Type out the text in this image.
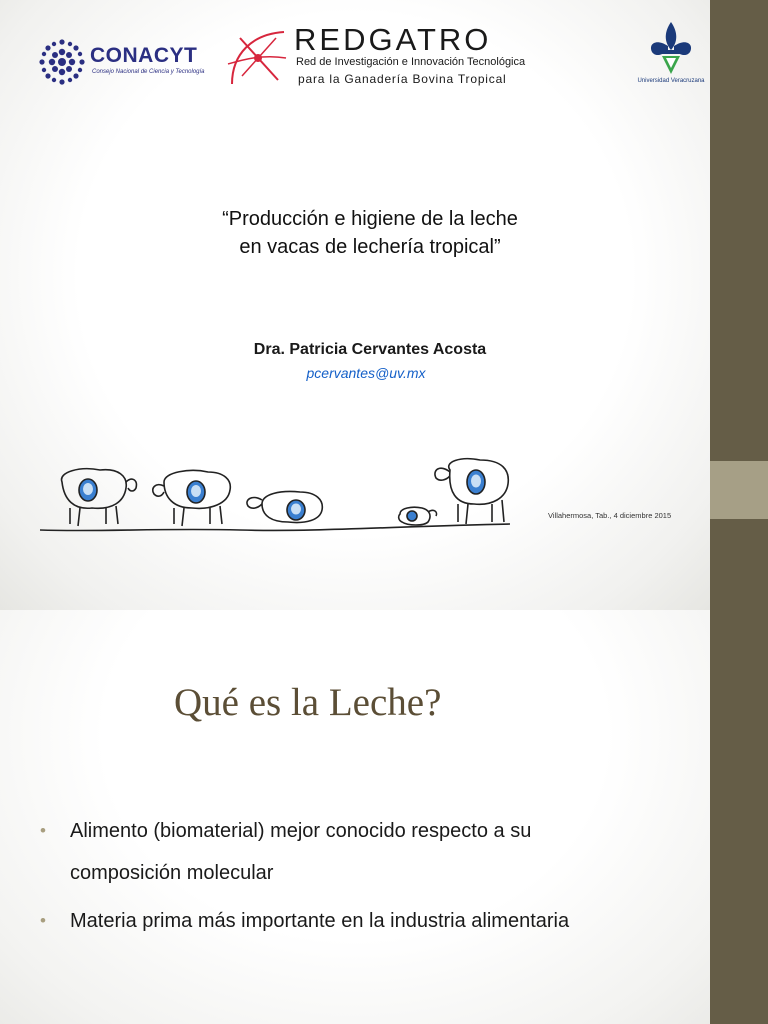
CONACYT
Consejo Nacional de Ciencia y Tecnología
REDGATRO
Red de Investigación e Innovación Tecnológica
para la Ganadería Bovina Tropical	Universidad Veracruzana
“Producción e higiene de la leche
en vacas de lechería tropical”
Dra. Patricia Cervantes Acosta
pcervantes@uv.mx
Villahermosa, Tab., 4 diciembre 2015
Qué es la Leche?
• Alimento (biomaterial) mejor conocido respecto a su
composición molecular
• Materia prima más importante en la industria alimentaria
